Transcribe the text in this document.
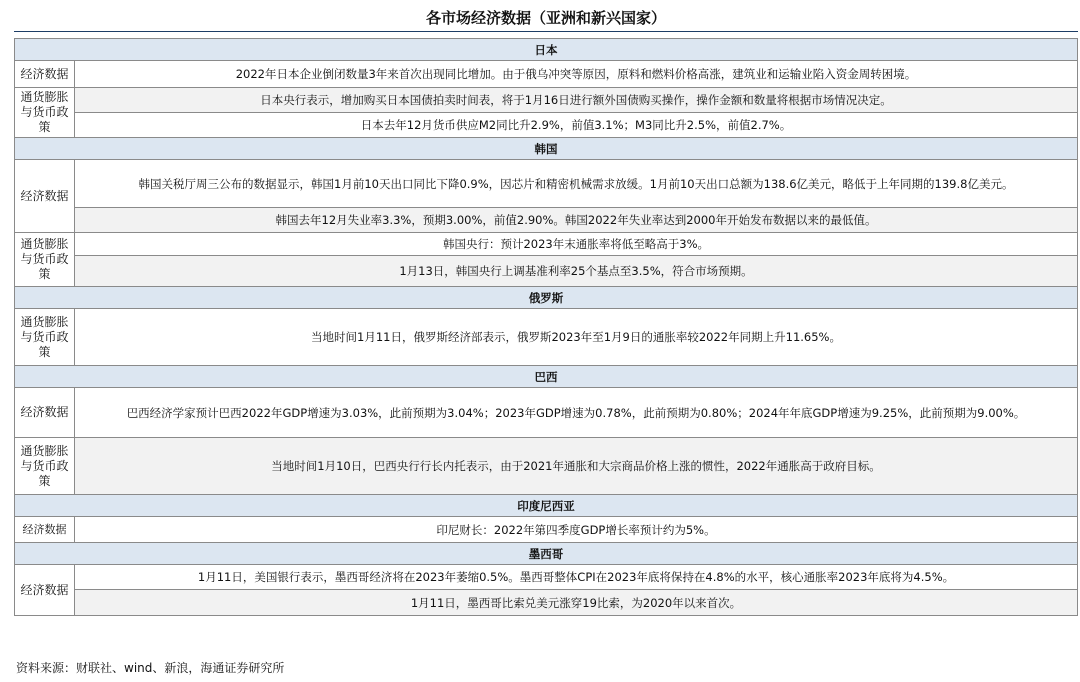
各市场经济数据（亚洲和新兴国家）
日本	
经济数据	2022年日本企业倒闭数量3年来首次出现同比增加。由于俄乌冲突等原因，原料和燃料价格高涨，建筑业和运输业陷入资金周转困境。
通货膨胀与货币政策	日本央行表示，增加购买日本国债拍卖时间表，将于1月16日进行额外国债购买操作，操作金额和数量将根据市场情况决定。
	日本去年12月货币供应M2同比升2.9%，前值3.1%；M3同比升2.5%，前值2.7%。
韩国	
经济数据	韩国关税厅周三公布的数据显示，韩国1月前10天出口同比下降0.9%，因芯片和精密机械需求放缓。1月前10天出口总额为138.6亿美元，略低于上年同期的139.8亿美元。
	韩国去年12月失业率3.3%，预期3.00%，前值2.90%。韩国2022年失业率达到2000年开始发布数据以来的最低值。
通货膨胀与货币政策	韩国央行：预计2023年末通胀率将低至略高于3%。
	1月13日，韩国央行上调基准利率25个基点至3.5%，符合市场预期。
俄罗斯	
通货膨胀与货币政策	当地时间1月11日，俄罗斯经济部表示，俄罗斯2023年至1月9日的通胀率较2022年同期上升11.65%。
巴西	
经济数据	巴西经济学家预计巴西2022年GDP增速为3.03%，此前预期为3.04%；2023年GDP增速为0.78%，此前预期为0.80%；2024年年底GDP增速为9.25%，此前预期为9.00%。
通货膨胀与货币政策	当地时间1月10日，巴西央行行长内托表示，由于2021年通胀和大宗商品价格上涨的惯性，2022年通胀高于政府目标。
印度尼西亚	
经济数据	印尼财长：2022年第四季度GDP增长率预计约为5%。
墨西哥	
经济数据	1月11日，美国银行表示，墨西哥经济将在2023年萎缩0.5%。墨西哥整体CPI在2023年底将保持在4.8%的水平，核心通胀率2023年底将为4.5%。
	1月11日，墨西哥比索兑美元涨穿19比索，为2020年以来首次。
资料来源：财联社、wind、新浪，海通证券研究所
